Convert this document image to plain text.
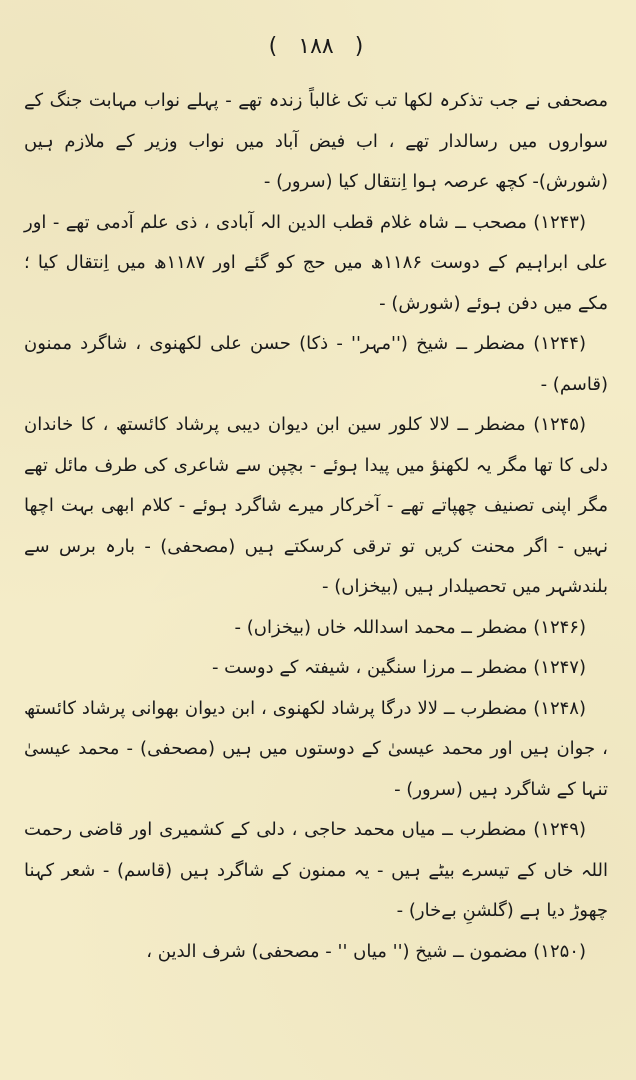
( ۱۸۸ )

مصحفی نے جب تذکرہ لکھا تب تک غالباً زندہ تھے - پہلے نواب مہابت جنگ کے سواروں میں رسالدار تھے ، اب فیض آباد میں نواب وزیر کے ملازم ہیں (شورش)- کچھ عرصہ ہوا اِنتقال کیا (سرور) -

(۱۲۴۳) مصحب ــ شاہ غلام قطب الدین الہ آبادی ، ذی علم آدمی تھے - اور علی ابراہیم کے دوست ۱۱۸۶ھ میں حج کو گئے اور ۱۱۸۷ھ میں اِنتقال کیا ؛ مکے میں دفن ہوئے (شورش) -

(۱۲۴۴) مضطر ــ شیخ (''مہر'' - ذکا) حسن علی لکھنوی ، شاگرد ممنون (قاسم) -

(۱۲۴۵) مضطر ــ لالا کلور سین ابن دیوان دیبی پرشاد کائستھ ، کا خاندان دلی کا تھا مگر یہ لکھنؤ میں پیدا ہوئے - بچپن سے شاعری کی طرف مائل تھے مگر اپنی تصنیف چھپاتے تھے - آخرکار میرے شاگرد ہوئے - کلام ابھی بہت اچھا نہیں - اگر محنت کریں تو ترقی کرسکتے ہیں (مصحفی) - بارہ برس سے بلندشہر میں تحصیلدار ہیں (بیخزاں) -

(۱۲۴۶) مضطر ــ محمد اسداللہ خاں (بیخزاں) -

(۱۲۴۷) مضطر ــ مرزا سنگین ، شیفتہ کے دوست -

(۱۲۴۸) مضطرب ــ لالا درگا پرشاد لکھنوی ، ابن دیوان بھوانی پرشاد کائستھ ، جوان ہیں اور محمد عیسیٰ کے دوستوں میں ہیں (مصحفی) - محمد عیسیٰ تنہا کے شاگرد ہیں (سرور) -

(۱۲۴۹) مضطرب ــ میاں محمد حاجی ، دلی کے کشمیری اور قاضی رحمت اللہ خاں کے تیسرے بیٹے ہیں - یہ ممنون کے شاگرد ہیں (قاسم) - شعر کہنا چھوڑ دیا ہے (گلشنِ بےخار) -

(۱۲۵۰) مضمون ــ شیخ ('' میاں '' - مصحفی) شرف الدین ،
